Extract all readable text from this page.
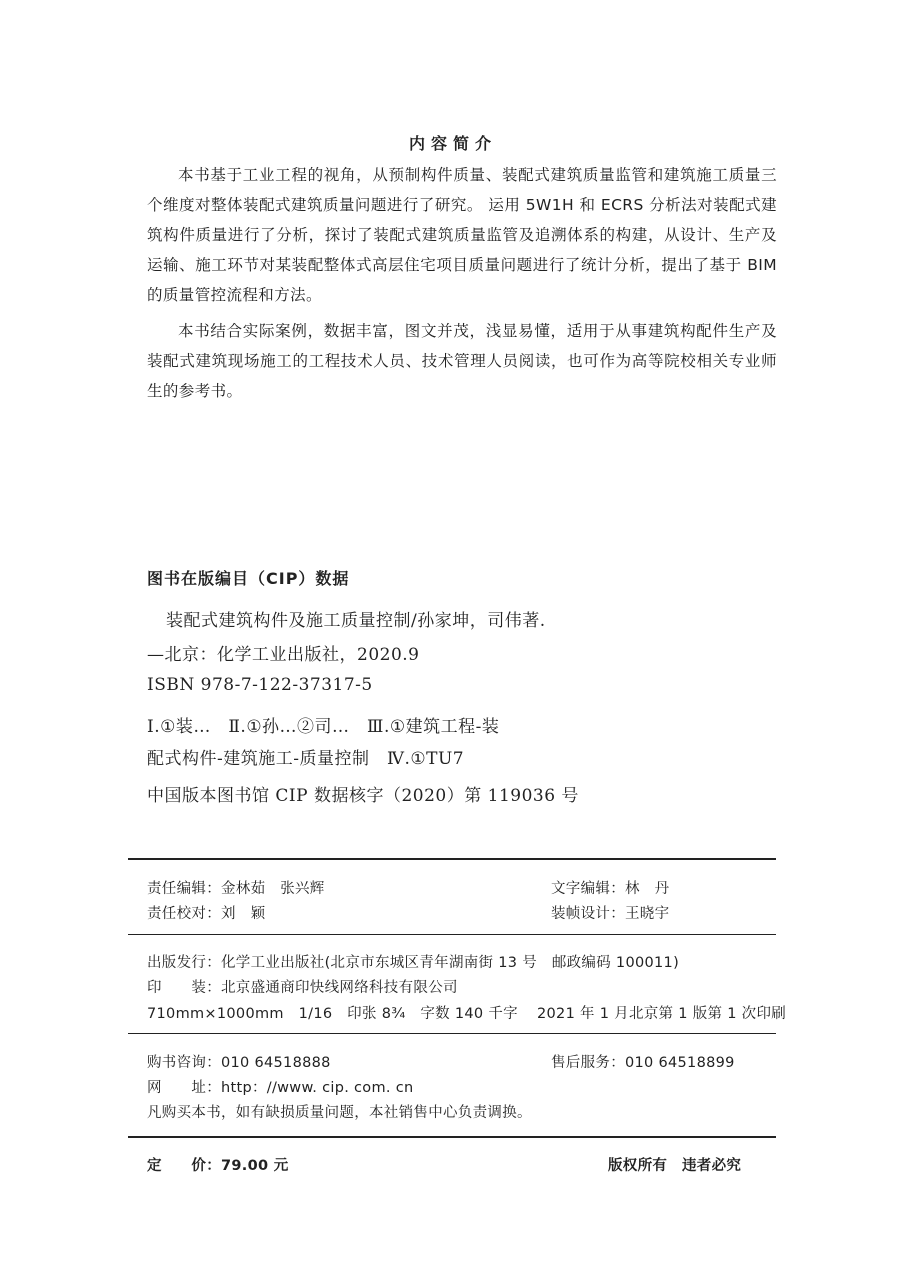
内容简介
本书基于工业工程的视角，从预制构件质量、装配式建筑质量监管和建筑施工质量三个维度对整体装配式建筑质量问题进行了研究。 运用 5W1H 和 ECRS 分析法对装配式建筑构件质量进行了分析，探讨了装配式建筑质量监管及追溯体系的构建，从设计、生产及运输、施工环节对某装配整体式高层住宅项目质量问题进行了统计分析，提出了基于 BIM 的质量管控流程和方法。
本书结合实际案例，数据丰富，图文并茂，浅显易懂，适用于从事建筑构配件生产及装配式建筑现场施工的工程技术人员、技术管理人员阅读，也可作为高等院校相关专业师生的参考书。
图书在版编目（CIP）数据
装配式建筑构件及施工质量控制/孙家坤，司伟著.
—北京：化学工业出版社，2020.9
ISBN 978-7-122-37317-5
Ⅰ.①装…　Ⅱ.①孙…②司…　Ⅲ.①建筑工程-装
配式构件-建筑施工-质量控制　Ⅳ.①TU7
中国版本图书馆 CIP 数据核字（2020）第 119036 号
责任编辑：金林茹　张兴辉	文字编辑：林　丹
责任校对：刘　颖	装帧设计：王晓宇
出版发行：化学工业出版社(北京市东城区青年湖南街 13 号　邮政编码 100011)
印　　装：北京盛通商印快线网络科技有限公司
710mm×1000mm　1/16　印张 8¾　字数 140 千字 2021 年 1 月北京第 1 版第 1 次印刷
购书咨询：010 64518888	售后服务：010 64518899
网　　址：http：//www. cip. com. cn
凡购买本书，如有缺损质量问题，本社销售中心负责调换。
定　　价：79.00 元	版权所有　违者必究
